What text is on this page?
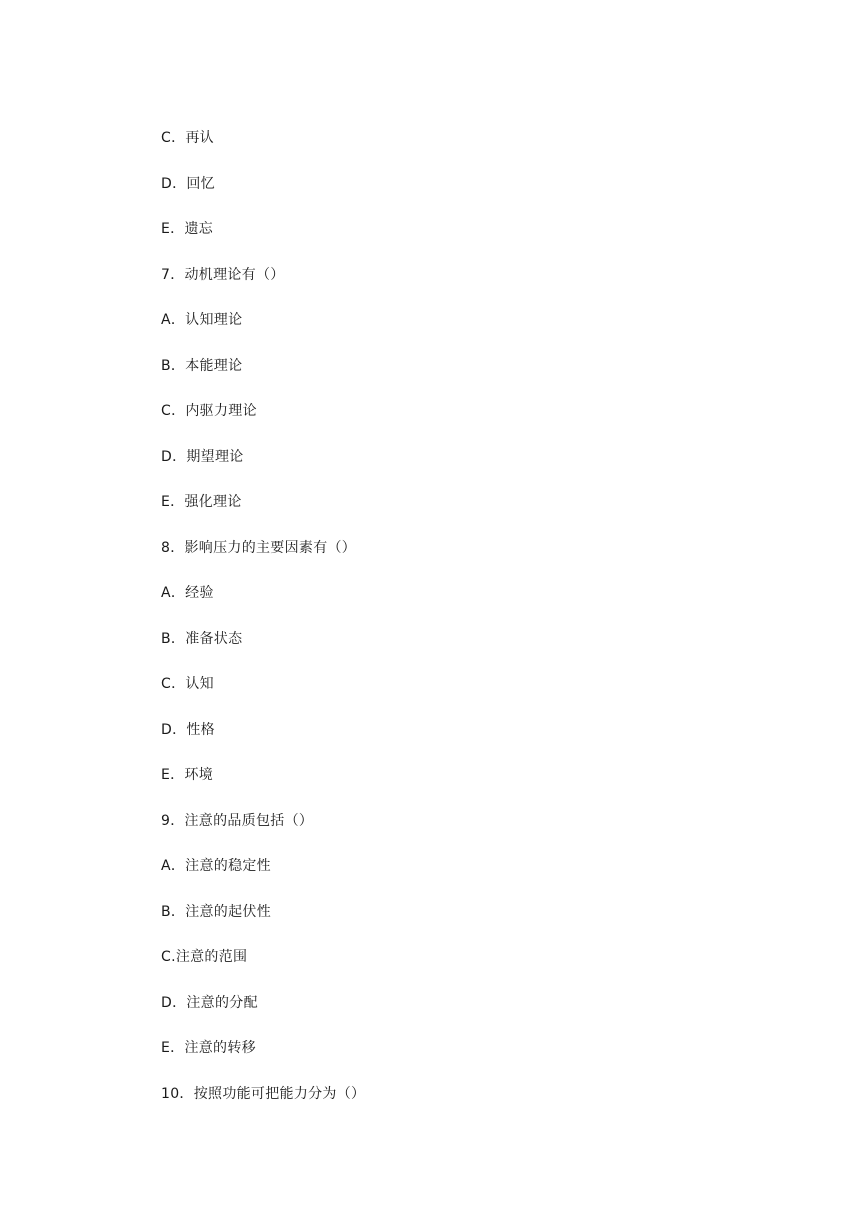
C．再认
D．回忆
E．遗忘
7．动机理论有（）
A．认知理论
B．本能理论
C．内驱力理论
D．期望理论
E．强化理论
8．影响压力的主要因素有（）
A．经验
B．准备状态
C．认知
D．性格
E．环境
9．注意的品质包括（）
A．注意的稳定性
B．注意的起伏性
C.注意的范围
D．注意的分配
E．注意的转移
10．按照功能可把能力分为（）
